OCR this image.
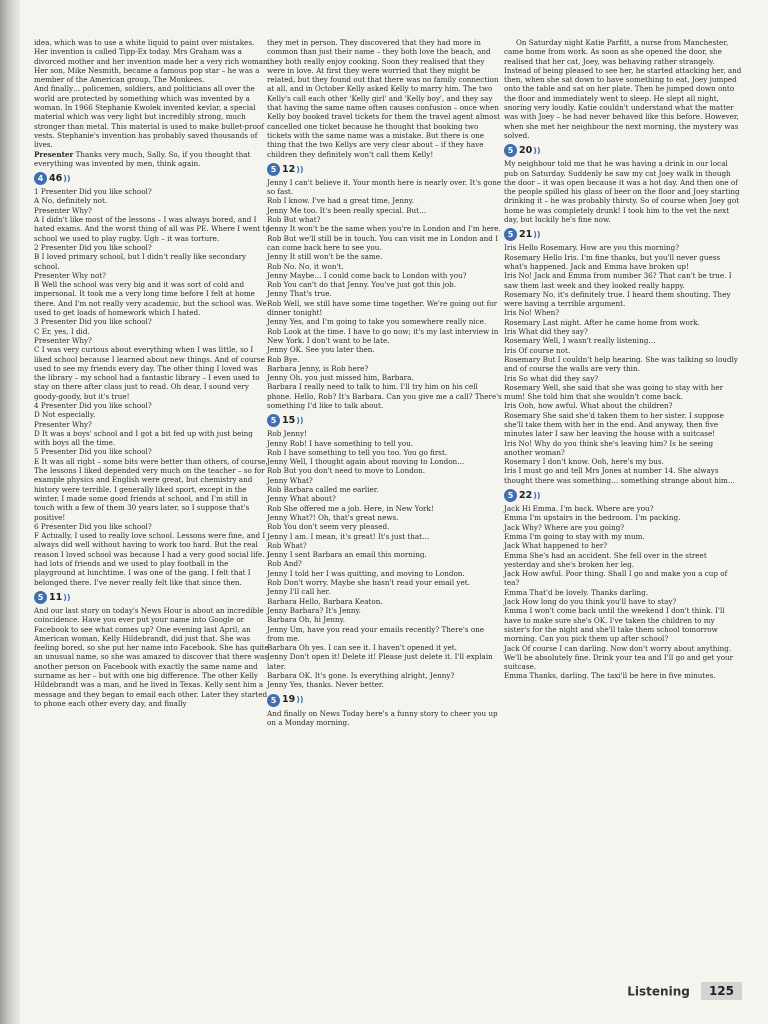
idea, which was to use a white liquid to paint over mistakes. Her invention is called Tipp-Ex today. Mrs Graham was a divorced mother and her invention made her a very rich woman. Her son, Mike Nesmith, became a famous pop star – he was a member of the American group, The Monkees.
And finally… policemen, soldiers, and politicians all over the world are protected by something which was invented by a woman. In 1966 Stephanie Kwolek invented kevlar, a special material which was very light but incredibly strong, much stronger than metal. This material is used to make bullet-proof vests. Stephanie's invention has probably saved thousands of lives.

Presenter Thanks very much, Sally. So, if you thought that everything was invented by men, think again.
4 46 ))

1 Presenter Did you like school?
A No, definitely not.
Presenter Why?
A I didn't like most of the lessons – I was always bored, and I hated exams. And the worst thing of all was PE. Where I went to school we used to play rugby. Ugh – it was torture.
2 Presenter Did you like school?
B I loved primary school, but I didn't really like secondary school.
Presenter Why not?
B Well the school was very big and it was sort of cold and impersonal. It took me a very long time before I felt at home there. And I'm not really very academic, but the school was. We used to get loads of homework which I hated.
3 Presenter Did you like school?
C Er, yes, I did.
Presenter Why?
C I was very curious about everything when I was little, so I liked school because I learned about new things. And of course I used to see my friends every day. The other thing I loved was the library – my school had a fantastic library – I even used to stay on there after class just to read. Oh dear, I sound very goody-goody, but it's true!
4 Presenter Did you like school?
D Not especially.
Presenter Why?
D It was a boys' school and I got a bit fed up with just being with boys all the time.
5 Presenter Did you like school?
E It was all right – some bits were better than others, of course. The lessons I liked depended very much on the teacher – so for example physics and English were great, but chemistry and history were terrible. I generally liked sport, except in the winter. I made some good friends at school, and I'm still in touch with a few of them 30 years later, so I suppose that's positive!
6 Presenter Did you like school?
F Actually, I used to really love school. Lessons were fine, and I always did well without having to work too hard. But the real reason I loved school was because I had a very good social life. I had lots of friends and we used to play football in the playground at lunchtime. I was one of the gang. I felt that I belonged there. I've never really felt like that since then.

5 11 ))

And our last story on today's News Hour is about an incredible coincidence. Have you ever put your name into Google or Facebook to see what comes up? One evening last April, an American woman, Kelly Hildebrandt, did just that. She was feeling bored, so she put her name into Facebook. She has quite an unusual name, so she was amazed to discover that there was another person on Facebook with exactly the same name and surname as her – but with one big difference. The other Kelly Hildebrandt was a man, and he lived in Texas. Kelly sent him a message and they began to email each other. Later they started to phone each other every day, and finally

they met in person. They discovered that they had more in common than just their name – they both love the beach, and they both really enjoy cooking. Soon they realised that they were in love. At first they were worried that they might be related, but they found out that there was no family connection at all, and in October Kelly asked Kelly to marry him. The two Kelly's call each other 'Kelly girl' and 'Kelly boy', and they say that having the same name often causes confusion – once when Kelly boy booked travel tickets for them the travel agent almost cancelled one ticket because he thought that booking two tickets with the same name was a mistake. But there is one thing that the two Kellys are very clear about – if they have children they definitely won't call them Kelly!

5 12 ))

Jenny I can't believe it. Your month here is nearly over. It's gone so fast.
Rob I know. I've had a great time, Jenny.
Jenny Me too. It's been really special. But…
Rob But what?
Jenny It won't be the same when you're in London and I'm here.
Rob But we'll still be in touch. You can visit me in London and I can come back here to see you.
Jenny It still won't be the same.
Rob No. No, it won't.
Jenny Maybe… I could come back to London with you?
Rob You can't do that Jenny. You've just got this job.
Jenny That's true.
Rob Well, we still have some time together. We're going out for dinner tonight!
Jenny Yes, and I'm going to take you somewhere really nice.
Rob Look at the time. I have to go now; it's my last interview in New York. I don't want to be late.
Jenny OK. See you later then.
Rob Bye.
Barbara Jenny, is Rob here?
Jenny Oh, you just missed him, Barbara.
Barbara I really need to talk to him. I'll try him on his cell phone. Hello, Rob? It's Barbara. Can you give me a call? There's something I'd like to talk about.

5 15 ))

Rob Jenny!
Jenny Rob! I have something to tell you.
Rob I have something to tell you too. You go first.
Jenny Well, I thought again about moving to London…
Rob But you don't need to move to London.
Jenny What?
Rob Barbara called me earlier.
Jenny What about?
Rob She offered me a job. Here, in New York!
Jenny What?! Oh, that's great news.
Rob You don't seem very pleased.
Jenny I am. I mean, it's great! It's just that…
Rob What?
Jenny I sent Barbara an email this morning.
Rob And?
Jenny I told her I was quitting, and moving to London.
Rob Don't worry. Maybe she hasn't read your email yet.
Jenny I'll call her.
Barbara Hello, Barbara Keaton.
Jenny Barbara? It's Jenny.
Barbara Oh, hi Jenny.
Jenny Um, have you read your emails recently? There's one from me.
Barbara Oh yes. I can see it. I haven't opened it yet.
Jenny Don't open it! Delete it! Please just delete it. I'll explain later.
Barbara OK. It's gone. Is everything alright, Jenny?
Jenny Yes, thanks. Never better.

5 19 ))

And finally on News Today here's a funny story to cheer you up on a Monday morning.

On Saturday night Katie Parfitt, a nurse from Manchester, came home from work. As soon as she opened the door, she realised that her cat, Joey, was behaving rather strangely. Instead of being pleased to see her, he started attacking her, and then, when she sat down to have something to eat, Joey jumped onto the table and sat on her plate. Then he jumped down onto the floor and immediately went to sleep. He slept all night, snoring very loudly. Katie couldn't understand what the matter was with Joey – he had never behaved like this before. However, when she met her neighbour the next morning, the mystery was solved.

5 20 ))

My neighbour told me that he was having a drink in our local pub on Saturday. Suddenly he saw my cat Joey walk in though the door – it was open because it was a hot day. And then one of the people spilled his glass of beer on the floor and Joey starting drinking it – he was probably thirsty. So of course when Joey got home he was completely drunk! I took him to the vet the next day, but luckily he's fine now.

5 21 ))

Iris Hello Rosemary. How are you this morning?
Rosemary Hello Iris. I'm fine thanks, but you'll never guess what's happened. Jack and Emma have broken up!
Iris No! Jack and Emma from number 36? That can't be true. I saw them last week and they looked really happy.
Rosemary No, it's definitely true. I heard them shouting. They were having a terrible argument.
Iris No! When?
Rosemary Last night. After he came home from work.
Iris What did they say?
Rosemary Well, I wasn't really listening…
Iris Of course not.
Rosemary But I couldn't help hearing. She was talking so loudly and of course the walls are very thin.
Iris So what did they say?
Rosemary Well, she said that she was going to stay with her mum! She told him that she wouldn't come back.
Iris Ooh, how awful. What about the children?
Rosemary She said she'd taken them to her sister. I suppose she'll take them with her in the end. And anyway, then five minutes later I saw her leaving the house with a suitcase!
Iris No! Why do you think she's leaving him? Is he seeing another woman?
Rosemary I don't know. Ooh, here's my bus.
Iris I must go and tell Mrs Jones at number 14. She always thought there was something… something strange about him…

5 22 ))

Jack Hi Emma. I'm back. Where are you?
Emma I'm upstairs in the bedroom. I'm packing.
Jack Why? Where are you going?
Emma I'm going to stay with my mum.
Jack What happened to her?
Emma She's had an accident. She fell over in the street yesterday and she's broken her leg.
Jack How awful. Poor thing. Shall I go and make you a cup of tea?
Emma That'd be lovely. Thanks darling.
Jack How long do you think you'll have to stay?
Emma I won't come back until the weekend I don't think. I'll have to make sure she's OK. I've taken the children to my sister's for the night and she'll take them school tomorrow morning. Can you pick them up after school?
Jack Of course I can darling. Now don't worry about anything. We'll be absolutely fine. Drink your tea and I'll go and get your suitcase.
Emma Thanks, darling. The taxi'll be here in five minutes.

Listening 125
